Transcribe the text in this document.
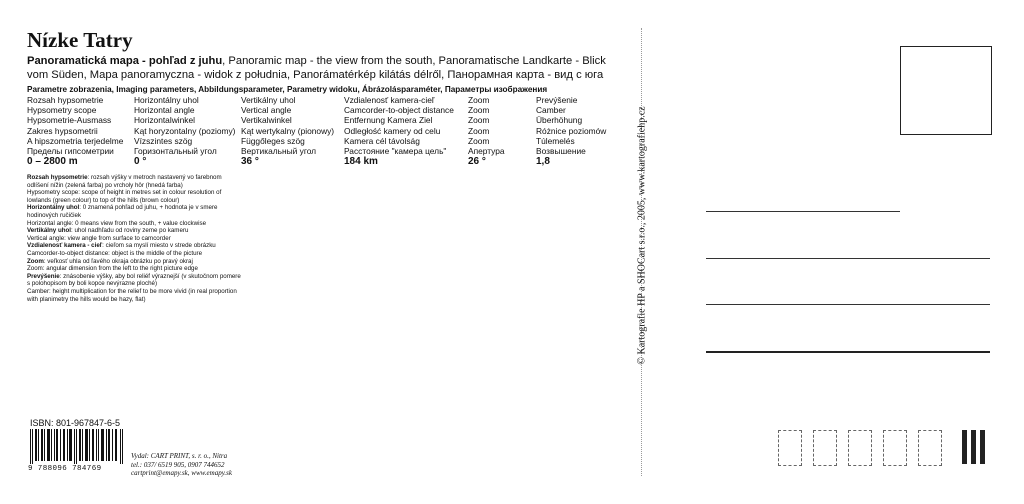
Nízke Tatry
Panoramatická mapa - pohľad z juhu, Panoramic map - the view from the south, Panoramatische Landkarte - Blick vom Süden, Mapa panoramyczna - widok z południa, Panorámatérkép kilátás délről, Панорамная карта - вид с юга
Parametre zobrazenia, Imaging parameters, Abbildungsparameter, Parametry widoku, Ábrázolásparaméter, Параметры изображения
Rozsah hypsometrie
Hypsometry scope
Hypsometrie-Ausmass
Zakres hypsometrii
A hipszometria terjedelme
Пределы гипсометрии
0 – 2800 m
Horizontálny uhol
Horizontal angle
Horizontalwinkel
Kąt horyzontalny (poziomy)
Vízszintes szög
Горизонтальный угол
0 °
Vertikálny uhol
Vertical angle
Vertikalwinkel
Kąt wertykalny (pionowy)
Függőleges szög
Вертикальный угол
36 °
Vzdialenosť kamera-cieľ
Camcorder-to-object distance
Entfernung Kamera Ziel
Odległość kamery od celu
Kamera cél távolság
Расстояние "камера цель"
184 km
Zoom
Zoom
Zoom
Zoom
Zoom
Апертура
26 °
Prevýšenie
Camber
Überhöhung
Różnice poziomów
Túlemelés
Возвышение
1,8

Rozsah hypsometrie: rozsah výšky v metroch nastavený vo farebnom odlíšení nížin (zelená farba) po vrcholy hôr (hnedá farba)

Hypsometry scope: scope of height in metres set in colour resolution of lowlands (green colour) to top of the hills (brown colour)

Horizontálny uhol: 0 znamená pohľad od juhu, + hodnota je v smere hodinových ručičiek

Horizontal angle: 0 means view from the south, + value clockwise

Vertikálny uhol: uhol nadhľadu od roviny zeme po kameru

Vertical angle: view angle from surface to camcorder

Vzdialenosť kamera - cieľ: cieľom sa myslí miesto v strede obrázku

Camcorder-to-object distance: object is the middle of the picture

Zoom: veľkosť uhla od ľavého okraja obrázku po pravý okraj

Zoom: angular dimension from the left to the right picture edge

Prevýšenie: znásobenie výšky, aby bol reliéf výraznejší (v skutočnom pomere s polohopisom by boli kopce nevýrazne ploché)

Camber: height multiplication for the relief to be more vivid (in real proportion with planimetry the hills would be hazy, flat)

ISBN: 801-967847-6-5
9 788096 784769
Vydal: CART PRINT, s. r. o., Nitra
tel.: 037/ 6519 905, 0907 744652
cartprint@emapy.sk, www.emapy.sk
© Kartografie HP a SHOCart s.r.o., 2005, www.kartografiehp.cz
